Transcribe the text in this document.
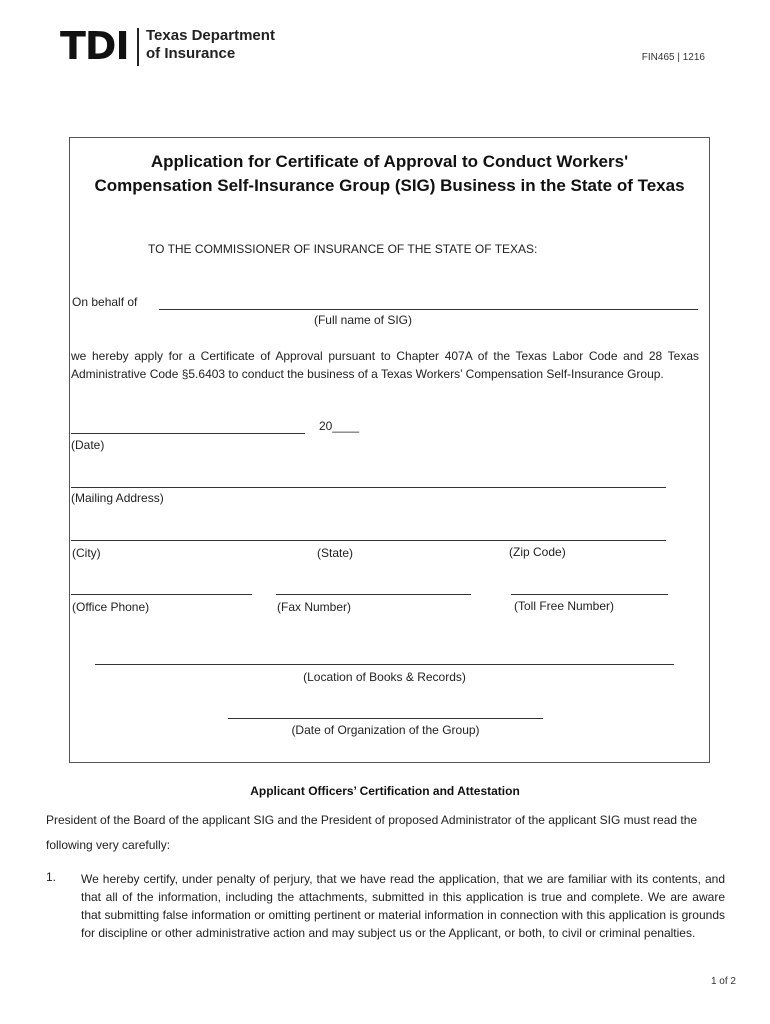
TDI Texas Department
of Insurance	FIN465 | 1216
Application for Certificate of Approval to Conduct Workers'
Compensation Self-Insurance Group (SIG) Business in the State of Texas
TO THE COMMISSIONER OF INSURANCE OF THE STATE OF TEXAS:
On behalf of
(Full name of SIG)
we hereby apply for a Certificate of Approval pursuant to Chapter 407A of the Texas Labor Code and 28 Texas Administrative Code §5.6403 to conduct the business of a Texas Workers’ Compensation Self-Insurance Group.
20____
(Date)
(Mailing Address)
(City)	(State)	(Zip Code)
(Office Phone)	(Fax Number)	(Toll Free Number)
(Location of Books & Records)
(Date of Organization of the Group)
Applicant Officers’ Certification and Attestation
President of the Board of the applicant SIG and the President of proposed Administrator of the applicant SIG must read the following very carefully:
1. We hereby certify, under penalty of perjury, that we have read the application, that we are familiar with its contents, and that all of the information, including the attachments, submitted in this application is true and complete. We are aware that submitting false information or omitting pertinent or material information in connection with this application is grounds for discipline or other administrative action and may subject us or the Applicant, or both, to civil or criminal penalties.
1 of 2
